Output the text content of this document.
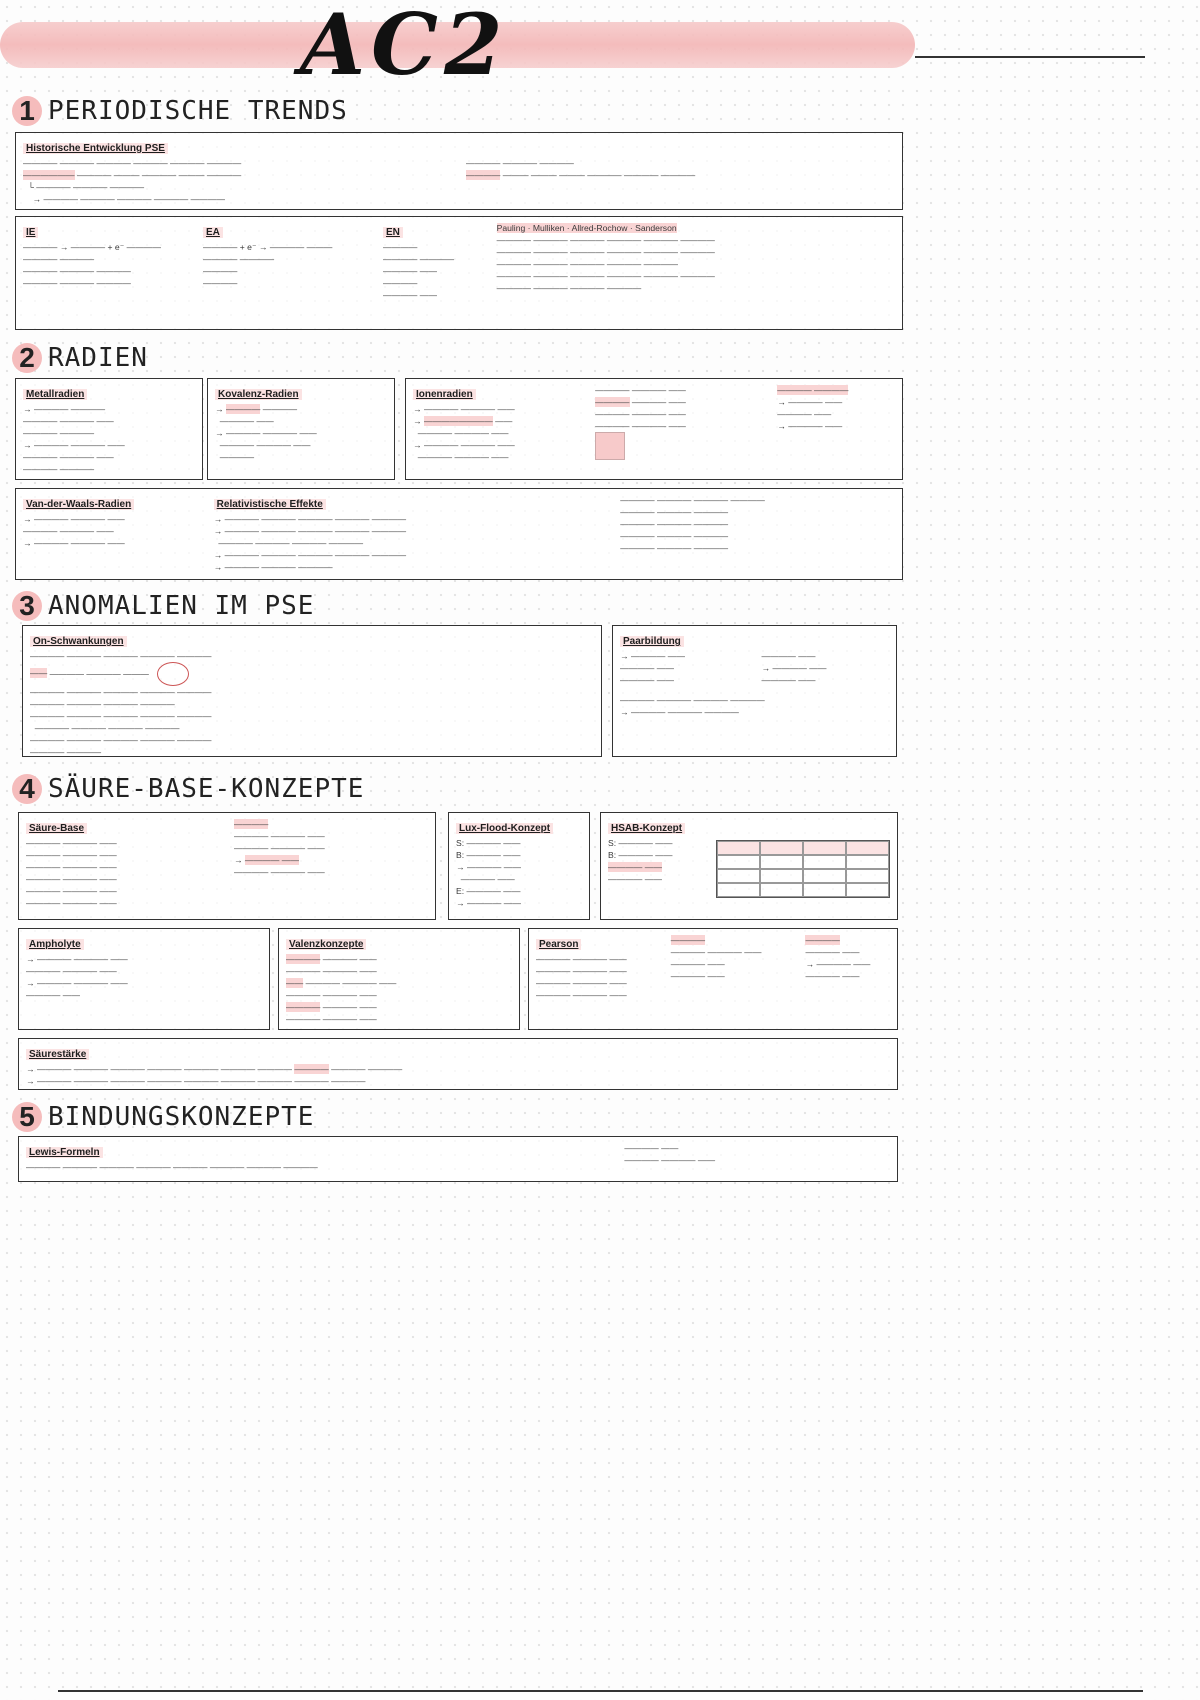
AC2
1 PERIODISCHE TRENDS
Historische Entwicklung PSE
———— ———— ———— ———— ———— ————
—————— ———— ——— ———— ——— ————
└ ———— ———— ————
→ ———— ———— ———— ———— ————
———— ———— ————
———— ——— ——— ——— ———— ———— ————
IE
———— → ———— + e⁻ ————
———— ————
———— ———— ————
———— ———— ————
EA
———— + e⁻ → ———— ———
———— ————
————
————
EN
————
———— ————
———— ——
————
———— ——
Pauling · Mulliken · Allred-Rochow · Sanderson
———— ———— ———— ———— ———— ————
———— ———— ———— ———— ———— ————
———— ———— ———— ———— ————
———— ———— ———— ———— ———— ————
———— ———— ———— ————
2 RADIEN
Metallradien
→ ———— ————
———— ———— ——
———— ————
→ ———— ———— ——
———— ———— ——
———— ————
Kovalenz-Radien
→ ———— ————
———— ——
→ ———— ———— ——
———— ———— ——
————
Ionenradien
→ ———— ———— ——
→ ———————— ——
———— ———— ——
→ ———— ———— ——
———— ———— ——
———— ———— ——
———— ———— ——
———— ———— ——
———— ———— ——
———— ————
→ ———— ——
———— ——
→ ———— ——
Van-der-Waals-Radien
→ ———— ———— ——
———— ———— ——
→ ———— ———— ——
Relativistische Effekte
→ ———— ———— ———— ———— ————
→ ———— ———— ———— ———— ————
———— ———— ———— ————
→ ———— ———— ———— ———— ————
→ ———— ———— ————
———— ———— ———— ————
———— ———— ————
———— ———— ————
———— ———— ————
———— ———— ————
3 ANOMALIEN IM PSE
On-Schwankungen
———— ———— ———— ———— ————
—— ———— ———— ———
———— ———— ———— ———— ————
———— ———— ———— ————
———— ———— ———— ———— ————
———— ———— ———— ————
———— ———— ———— ———— ————
———— ————
Paarbildung
→ ———— ——
———— ——
———— ——
———— ——
→ ———— ——
———— ——
———— ———— ———— ————
→ ———— ———— ————
4 SÄURE-BASE-KONZEPTE
Säure-Base
———— ———— ——
———— ———— ——
———— ———— ——
———— ———— ——
———— ———— ——
———— ———— ——
————
———— ———— ——
———— ———— ——
→ ———— ——
———— ———— ——
Lux-Flood-Konzept
S: ———— ——
B: ———— ——
→ ———— ——
———— ——
E: ———— ——
→ ———— ——
HSAB-Konzept
S: ———— ——
B: ———— ——
———— ——
———— ——
Ampholyte
→ ———— ———— ——
———— ———— ——
→ ———— ———— ——
———— ——
Valenzkonzepte
———— ———— ——
———— ———— ——
—— ———— ———— ——
———— ———— ——
———— ———— ——
———— ———— ——
Pearson
———— ———— ——
———— ———— ——
———— ———— ——
———— ———— ——
————
———— ———— ——
———— ——
———— ——
————
———— ——
→ ———— ——
———— ——
Säurestärke
→ ———— ———— ———— ———— ———— ———— ———— ———— ———— ————
→ ———— ———— ———— ———— ———— ———— ———— ———— ————
5 BINDUNGSKONZEPTE
Lewis-Formeln
———— ———— ———— ———— ———— ———— ———— ————
———— ——
———— ———— ——
